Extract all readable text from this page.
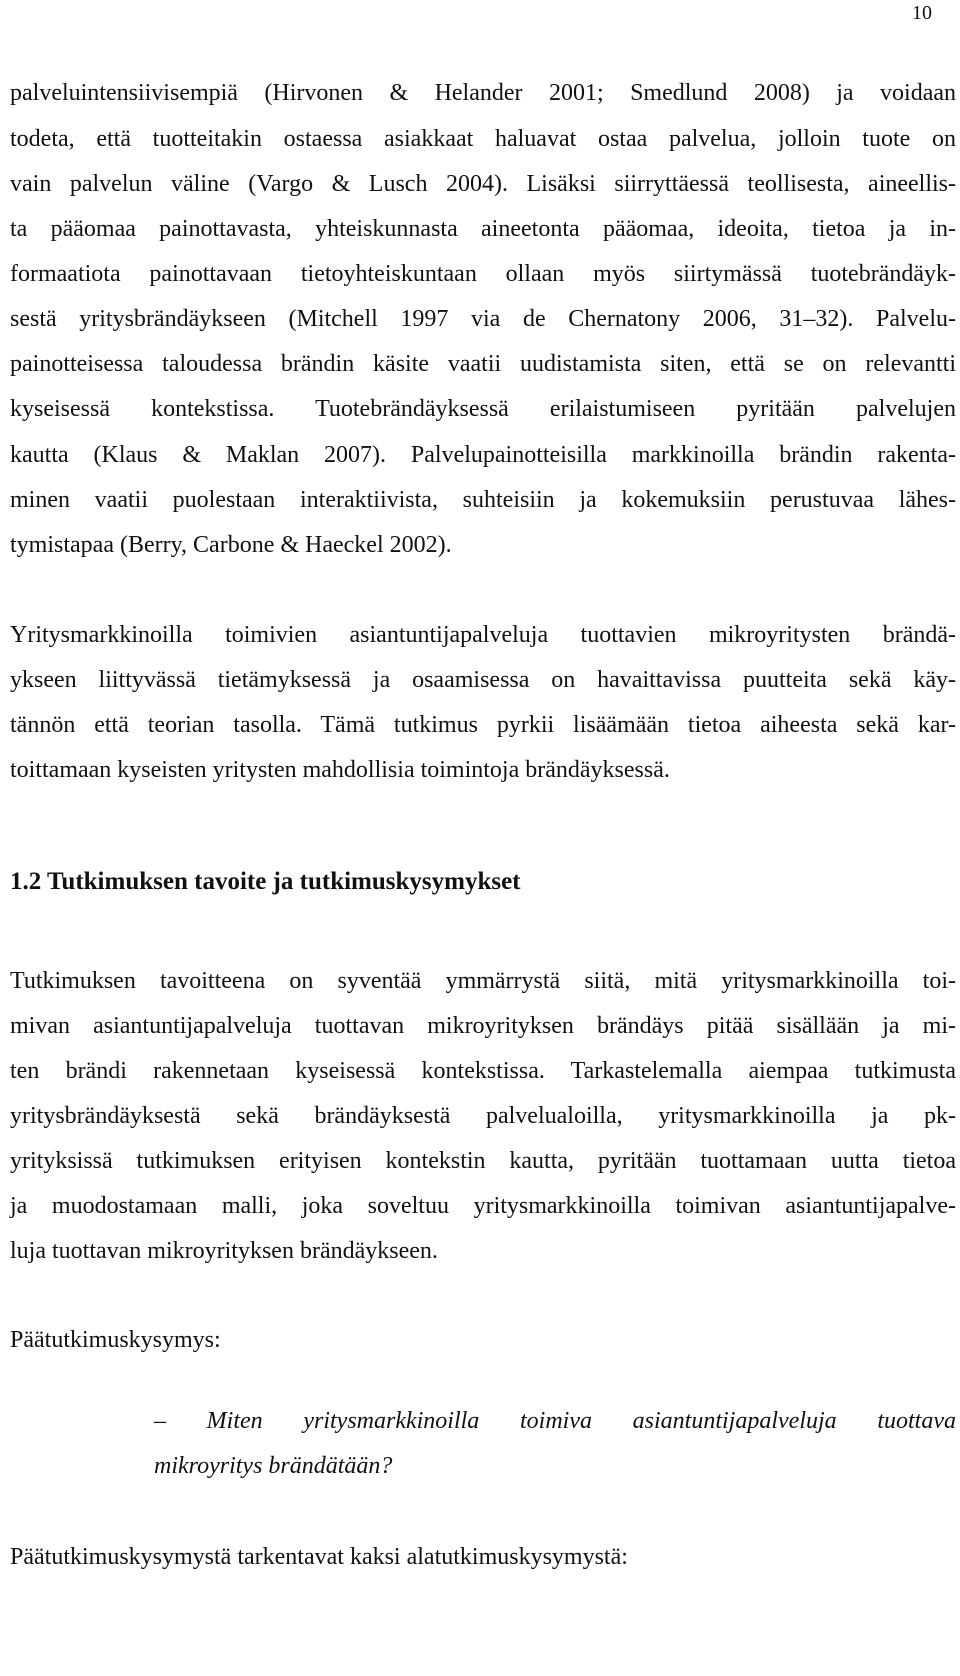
10
palveluintensiivisempiä (Hirvonen & Helander 2001; Smedlund 2008) ja voidaan
todeta, että tuotteitakin ostaessa asiakkaat haluavat ostaa palvelua, jolloin tuote on
vain palvelun väline (Vargo & Lusch 2004). Lisäksi siirryttäessä teollisesta, aineellis-
ta pääomaa painottavasta, yhteiskunnasta aineetonta pääomaa, ideoita, tietoa ja in-
formaatiota painottavaan tietoyhteiskuntaan ollaan myös siirtymässä tuotebrändäyk-
sestä yritysbrändäykseen (Mitchell 1997 via de Chernatony 2006, 31–32). Palvelu-
painotteisessa taloudessa brändin käsite vaatii uudistamista siten, että se on relevantti
kyseisessä kontekstissa. Tuotebrändäyksessä erilaistumiseen pyritään palvelujen
kautta (Klaus & Maklan 2007). Palvelupainotteisilla markkinoilla brändin rakenta-
minen vaatii puolestaan interaktiivista, suhteisiin ja kokemuksiin perustuvaa lähes-
tymistapaa (Berry, Carbone & Haeckel 2002).
Yritysmarkkinoilla toimivien asiantuntijapalveluja tuottavien mikroyritysten brändä-
ykseen liittyvässä tietämyksessä ja osaamisessa on havaittavissa puutteita sekä käy-
tännön että teorian tasolla. Tämä tutkimus pyrkii lisäämään tietoa aiheesta sekä kar-
toittamaan kyseisten yritysten mahdollisia toimintoja brändäyksessä.
1.2 Tutkimuksen tavoite ja tutkimuskysymykset
Tutkimuksen tavoitteena on syventää ymmärrystä siitä, mitä yritysmarkkinoilla toi-
mivan asiantuntijapalveluja tuottavan mikroyrityksen brändäys pitää sisällään ja mi-
ten brändi rakennetaan kyseisessä kontekstissa. Tarkastelemalla aiempaa tutkimusta
yritysbrändäyksestä sekä brändäyksestä palvelualoilla, yritysmarkkinoilla ja pk-
yrityksissä tutkimuksen erityisen kontekstin kautta, pyritään tuottamaan uutta tietoa
ja muodostamaan malli, joka soveltuu yritysmarkkinoilla toimivan asiantuntijapalve-
luja tuottavan mikroyrityksen brändäykseen.
Päätutkimuskysymys:
– Miten yritysmarkkinoilla toimiva asiantuntijapalveluja tuottava
mikroyritys brändätään?
Päätutkimuskysymystä tarkentavat kaksi alatutkimuskysymystä:
